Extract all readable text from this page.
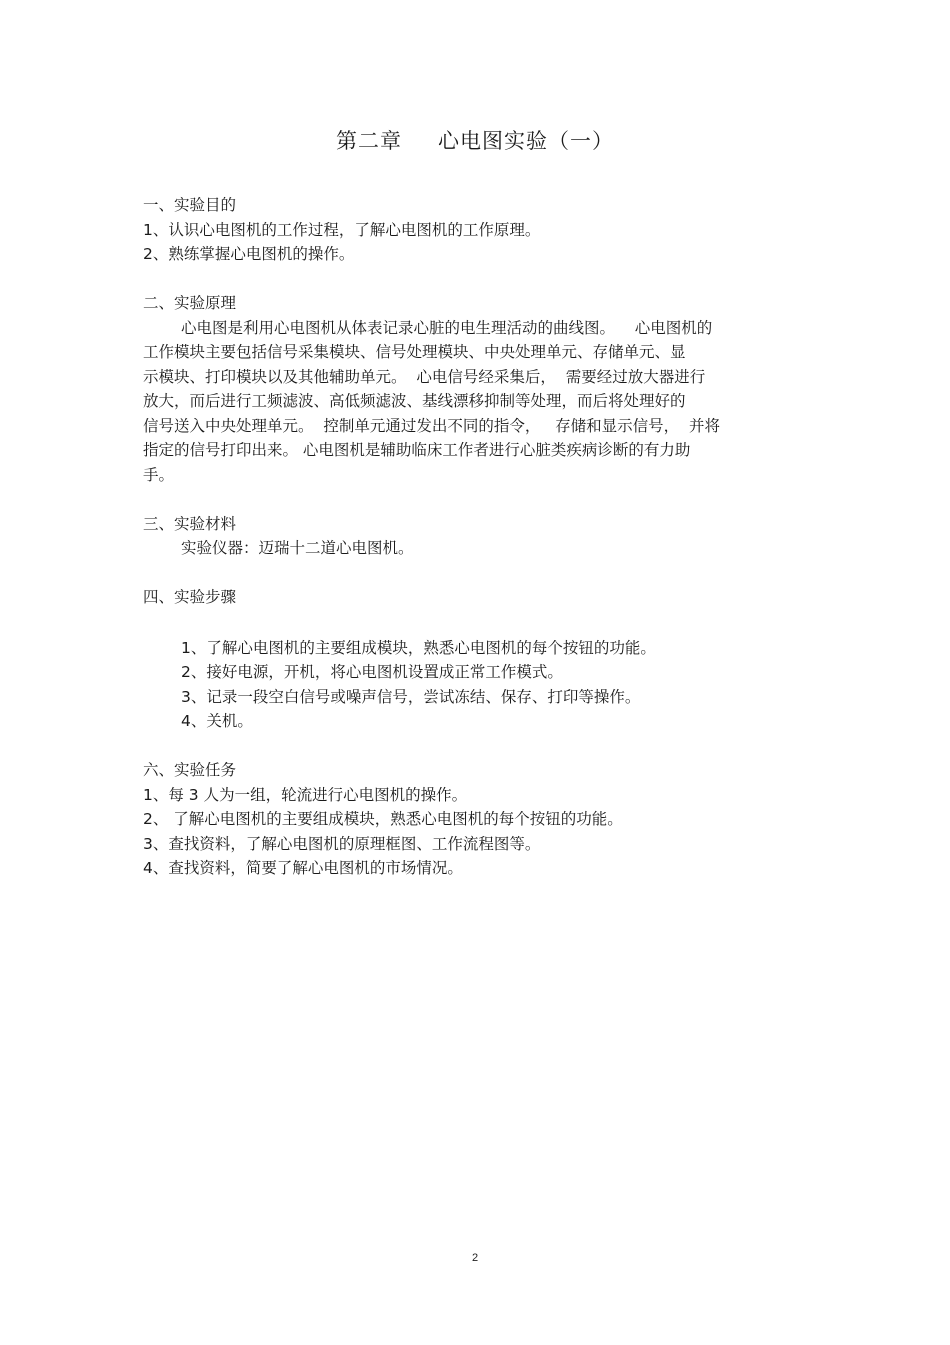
第二章 心电图实验（一）
一、实验目的
1、认识心电图机的工作过程，了解心电图机的工作原理。
2、熟练掌握心电图机的操作。
二、实验原理
心电图是利用心电图机从体表记录心脏的电生理活动的曲线图。    心电图机的
工作模块主要包括信号采集模块、信号处理模块、中央处理单元、存储单元、显
示模块、打印模块以及其他辅助单元。  心电信号经采集后，  需要经过放大器进行
放大，而后进行工频滤波、高低频滤波、基线漂移抑制等处理，而后将处理好的
信号送入中央处理单元。  控制单元通过发出不同的指令，   存储和显示信号，  并将
指定的信号打印出来。 心电图机是辅助临床工作者进行心脏类疾病诊断的有力助
手。
三、实验材料
实验仪器：迈瑞十二道心电图机。
四、实验步骤
1、了解心电图机的主要组成模块，熟悉心电图机的每个按钮的功能。
2、接好电源，开机，将心电图机设置成正常工作模式。
3、记录一段空白信号或噪声信号，尝试冻结、保存、打印等操作。
4、关机。
六、实验任务
1、每 3 人为一组，轮流进行心电图机的操作。
2、 了解心电图机的主要组成模块，熟悉心电图机的每个按钮的功能。
3、查找资料，了解心电图机的原理框图、工作流程图等。
4、查找资料，简要了解心电图机的市场情况。
2
